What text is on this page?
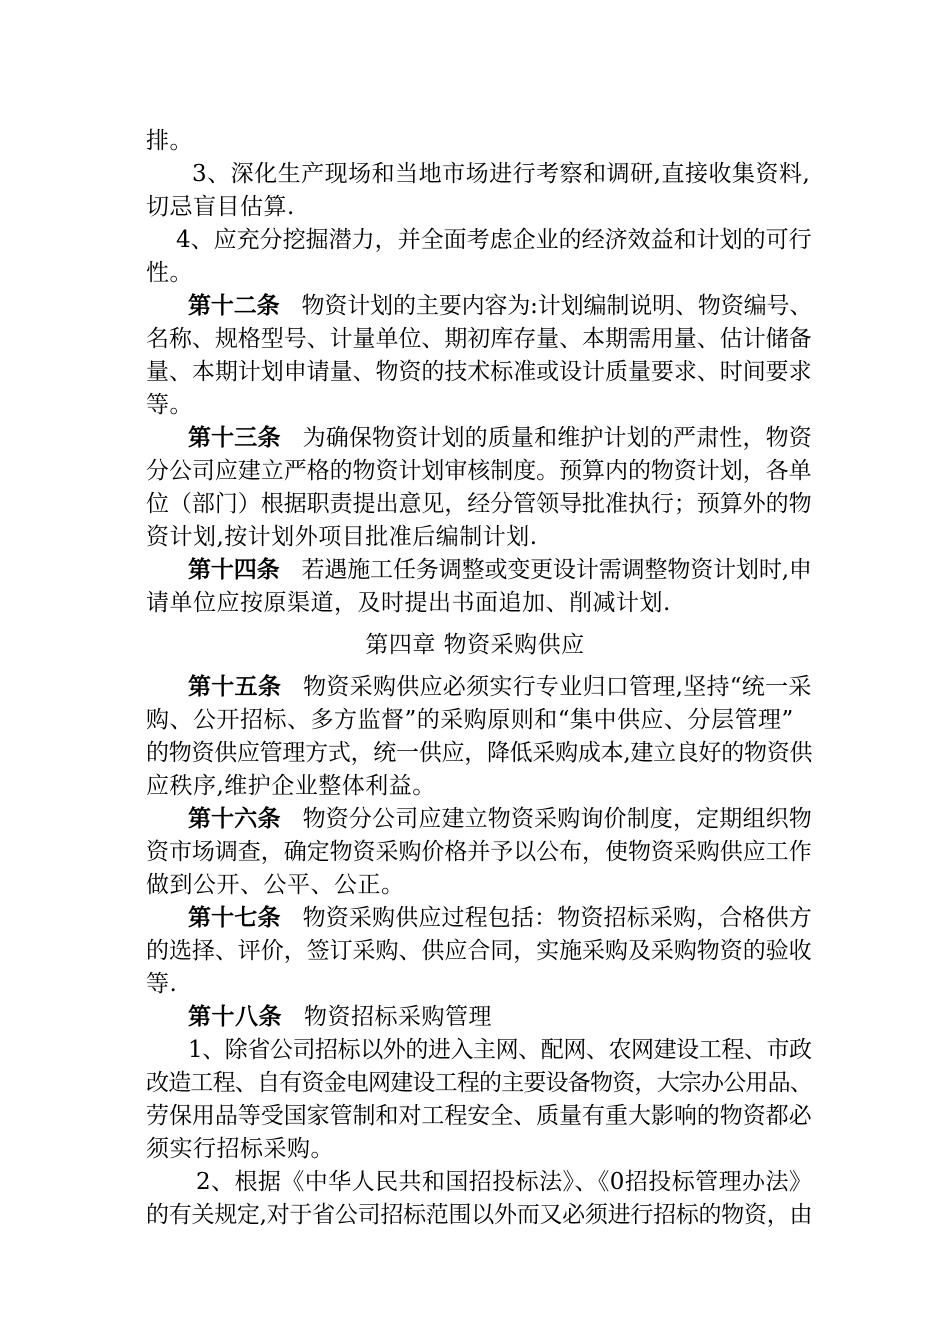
排。
3、深化生产现场和当地市场进行考察和调研,直接收集资料,
切忌盲目估算.
4、应充分挖掘潜力，并全面考虑企业的经济效益和计划的可行
性。
第十二条 物资计划的主要内容为:计划编制说明、物资编号、
名称、规格型号、计量单位、期初库存量、本期需用量、估计储备
量、本期计划申请量、物资的技术标准或设计质量要求、时间要求
等。
第十三条 为确保物资计划的质量和维护计划的严肃性，物资
分公司应建立严格的物资计划审核制度。预算内的物资计划，各单
位（部门）根据职责提出意见，经分管领导批准执行；预算外的物
资计划,按计划外项目批准后编制计划.
第十四条 若遇施工任务调整或变更设计需调整物资计划时,申
请单位应按原渠道，及时提出书面追加、削减计划.
第四章 物资采购供应
第十五条 物资采购供应必须实行专业归口管理,坚持“统一采
购、公开招标、多方监督”的采购原则和“集中供应、分层管理”
的物资供应管理方式，统一供应，降低采购成本,建立良好的物资供
应秩序,维护企业整体利益。
第十六条 物资分公司应建立物资采购询价制度，定期组织物
资市场调查，确定物资采购价格并予以公布，使物资采购供应工作
做到公开、公平、公正。
第十七条 物资采购供应过程包括：物资招标采购，合格供方
的选择、评价，签订采购、供应合同，实施采购及采购物资的验收
等.
第十八条 物资招标采购管理
1、除省公司招标以外的进入主网、配网、农网建设工程、市政
改造工程、自有资金电网建设工程的主要设备物资，大宗办公用品、
劳保用品等受国家管制和对工程安全、质量有重大影响的物资都必
须实行招标采购。
2、根据《中华人民共和国招投标法》、《0招投标管理办法》
的有关规定,对于省公司招标范围以外而又必须进行招标的物资，由
